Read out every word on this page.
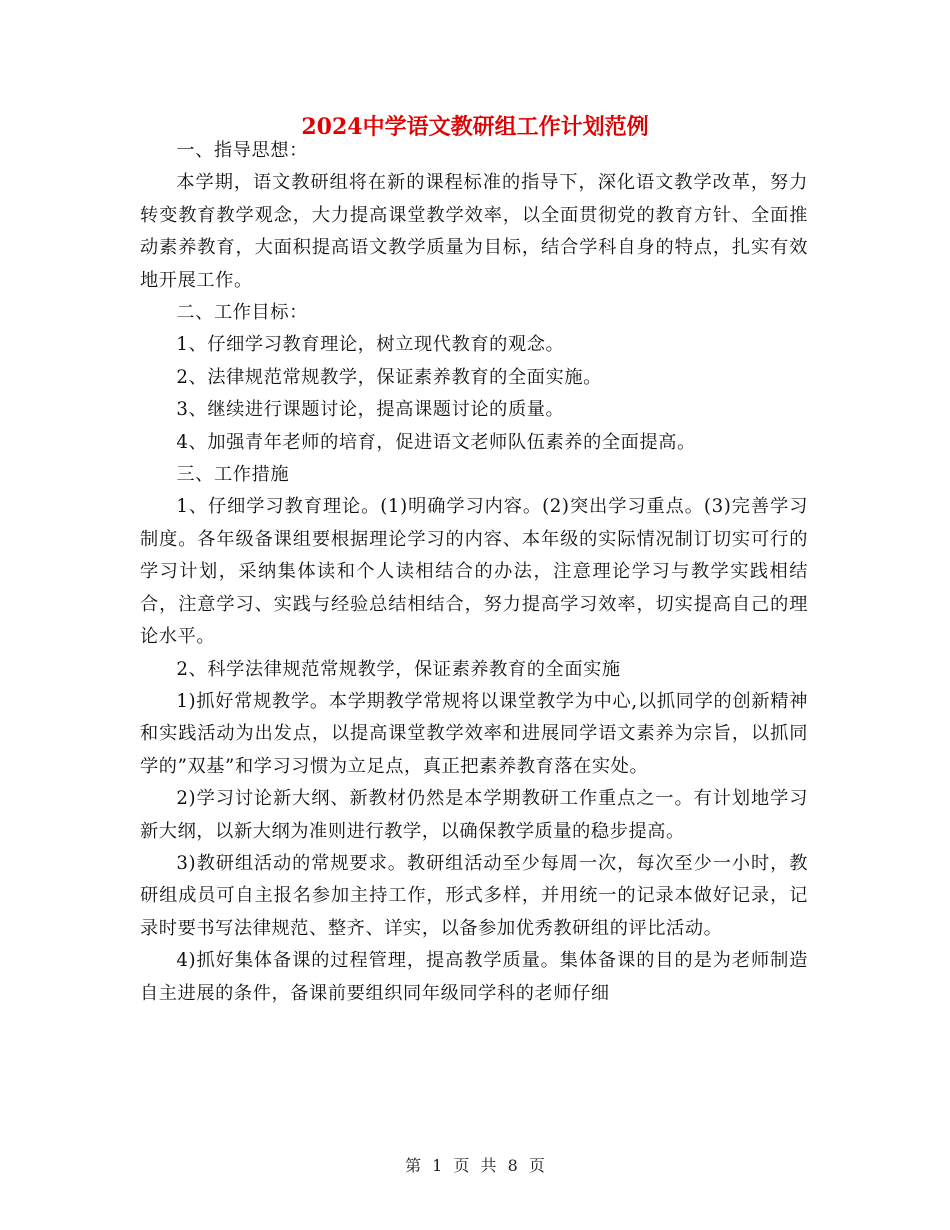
2024中学语文教研组工作计划范例

一、指导思想：

本学期，语文教研组将在新的课程标准的指导下，深化语文教学改革，努力转变教育教学观念，大力提高课堂教学效率，以全面贯彻党的教育方针、全面推动素养教育，大面积提高语文教学质量为目标，结合学科自身的特点，扎实有效地开展工作。

二、工作目标：

1、仔细学习教育理论，树立现代教育的观念。

2、法律规范常规教学，保证素养教育的全面实施。

3、继续进行课题讨论，提高课题讨论的质量。

4、加强青年老师的培育，促进语文老师队伍素养的全面提高。

三、工作措施

1、仔细学习教育理论。(1)明确学习内容。(2)突出学习重点。(3)完善学习制度。各年级备课组要根据理论学习的内容、本年级的实际情况制订切实可行的学习计划，采纳集体读和个人读相结合的办法，注意理论学习与教学实践相结合，注意学习、实践与经验总结相结合，努力提高学习效率，切实提高自己的理论水平。

2、科学法律规范常规教学，保证素养教育的全面实施

1)抓好常规教学。本学期教学常规将以课堂教学为中心,以抓同学的创新精神和实践活动为出发点，以提高课堂教学效率和进展同学语文素养为宗旨，以抓同学的”双基”和学习习惯为立足点，真正把素养教育落在实处。

2)学习讨论新大纲、新教材仍然是本学期教研工作重点之一。有计划地学习新大纲，以新大纲为准则进行教学，以确保教学质量的稳步提高。

3)教研组活动的常规要求。教研组活动至少每周一次，每次至少一小时，教研组成员可自主报名参加主持工作，形式多样，并用统一的记录本做好记录，记录时要书写法律规范、整齐、详实，以备参加优秀教研组的评比活动。

4)抓好集体备课的过程管理，提高教学质量。集体备课的目的是为老师制造自主进展的条件，备课前要组织同年级同学科的老师仔细

第 1 页 共 8 页
